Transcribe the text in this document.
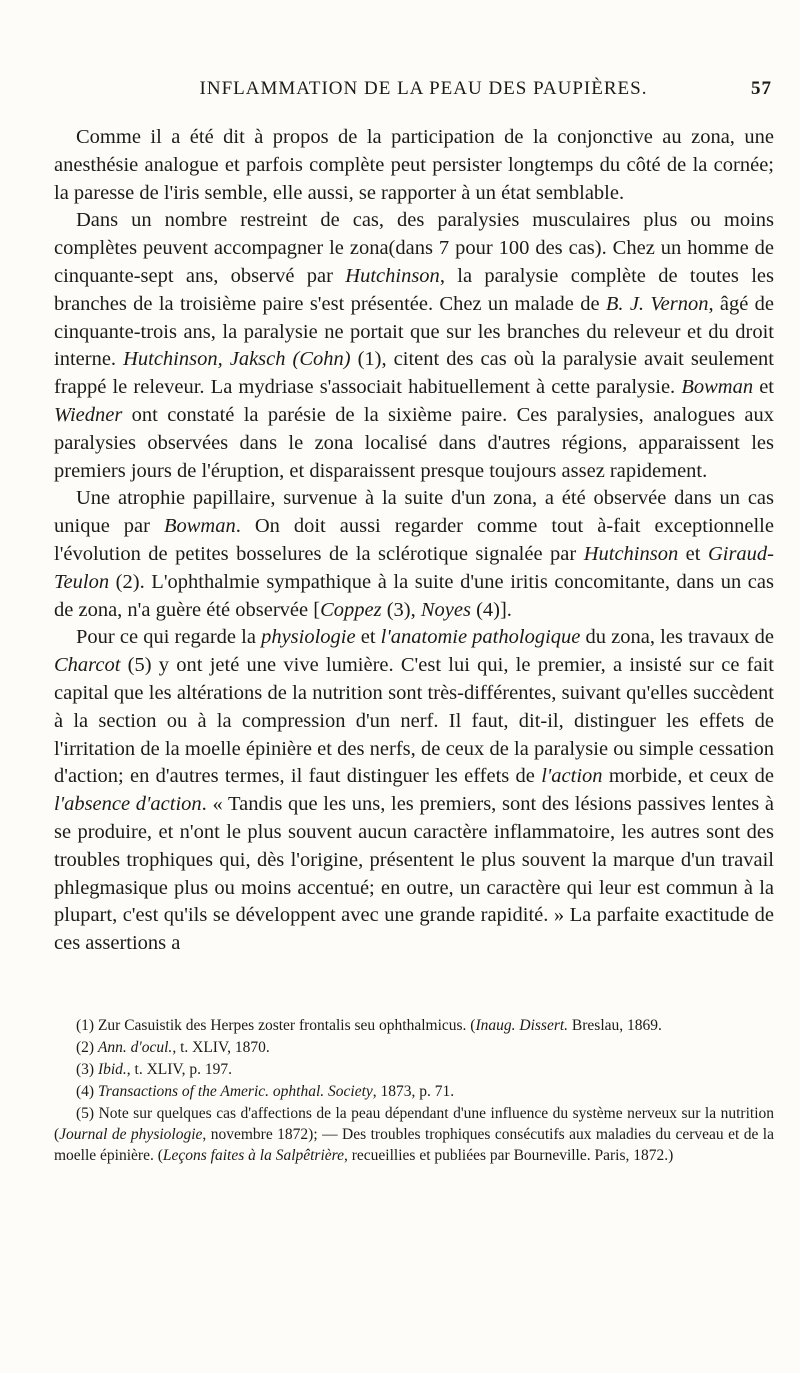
INFLAMMATION DE LA PEAU DES PAUPIÈRES.	57

Comme il a été dit à propos de la participation de la conjonctive au zona, une anesthésie analogue et parfois complète peut persister longtemps du côté de la cornée; la paresse de l'iris semble, elle aussi, se rapporter à un état semblable.

Dans un nombre restreint de cas, des paralysies musculaires plus ou moins complètes peuvent accompagner le zona(dans 7 pour 100 des cas). Chez un homme de cinquante-sept ans, observé par Hutchinson, la paralysie complète de toutes les branches de la troisième paire s'est présentée. Chez un malade de B. J. Vernon, âgé de cinquante-trois ans, la paralysie ne portait que sur les branches du releveur et du droit interne. Hutchinson, Jaksch (Cohn) (1), citent des cas où la paralysie avait seulement frappé le releveur. La mydriase s'associait habituellement à cette paralysie. Bowman et Wiedner ont constaté la parésie de la sixième paire. Ces paralysies, analogues aux paralysies observées dans le zona localisé dans d'autres régions, apparaissent les premiers jours de l'éruption, et disparaissent presque toujours assez rapidement.

Une atrophie papillaire, survenue à la suite d'un zona, a été observée dans un cas unique par Bowman. On doit aussi regarder comme tout à-fait exceptionnelle l'évolution de petites bosselures de la sclérotique signalée par Hutchinson et Giraud-Teulon (2). L'ophthalmie sympathique à la suite d'une iritis concomitante, dans un cas de zona, n'a guère été observée [Coppez (3), Noyes (4)].

Pour ce qui regarde la physiologie et l'anatomie pathologique du zona, les travaux de Charcot (5) y ont jeté une vive lumière. C'est lui qui, le premier, a insisté sur ce fait capital que les altérations de la nutrition sont très-différentes, suivant qu'elles succèdent à la section ou à la compression d'un nerf. Il faut, dit-il, distinguer les effets de l'irritation de la moelle épinière et des nerfs, de ceux de la paralysie ou simple cessation d'action; en d'autres termes, il faut distinguer les effets de l'action morbide, et ceux de l'absence d'action. « Tandis que les uns, les premiers, sont des lésions passives lentes à se produire, et n'ont le plus souvent aucun caractère inflammatoire, les autres sont des troubles trophiques qui, dès l'origine, présentent le plus souvent la marque d'un travail phlegmasique plus ou moins accentué; en outre, un caractère qui leur est commun à la plupart, c'est qu'ils se développent avec une grande rapidité. » La parfaite exactitude de ces assertions a

(1) Zur Casuistik des Herpes zoster frontalis seu ophthalmicus. (Inaug. Dissert. Breslau, 1869.

(2) Ann. d'ocul., t. XLIV, 1870.

(3) Ibid., t. XLIV, p. 197.

(4) Transactions of the Americ. ophthal. Society, 1873, p. 71.

(5) Note sur quelques cas d'affections de la peau dépendant d'une influence du système nerveux sur la nutrition (Journal de physiologie, novembre 1872); — Des troubles trophiques consécutifs aux maladies du cerveau et de la moelle épinière. (Leçons faites à la Salpêtrière, recueillies et publiées par Bourneville. Paris, 1872.)
